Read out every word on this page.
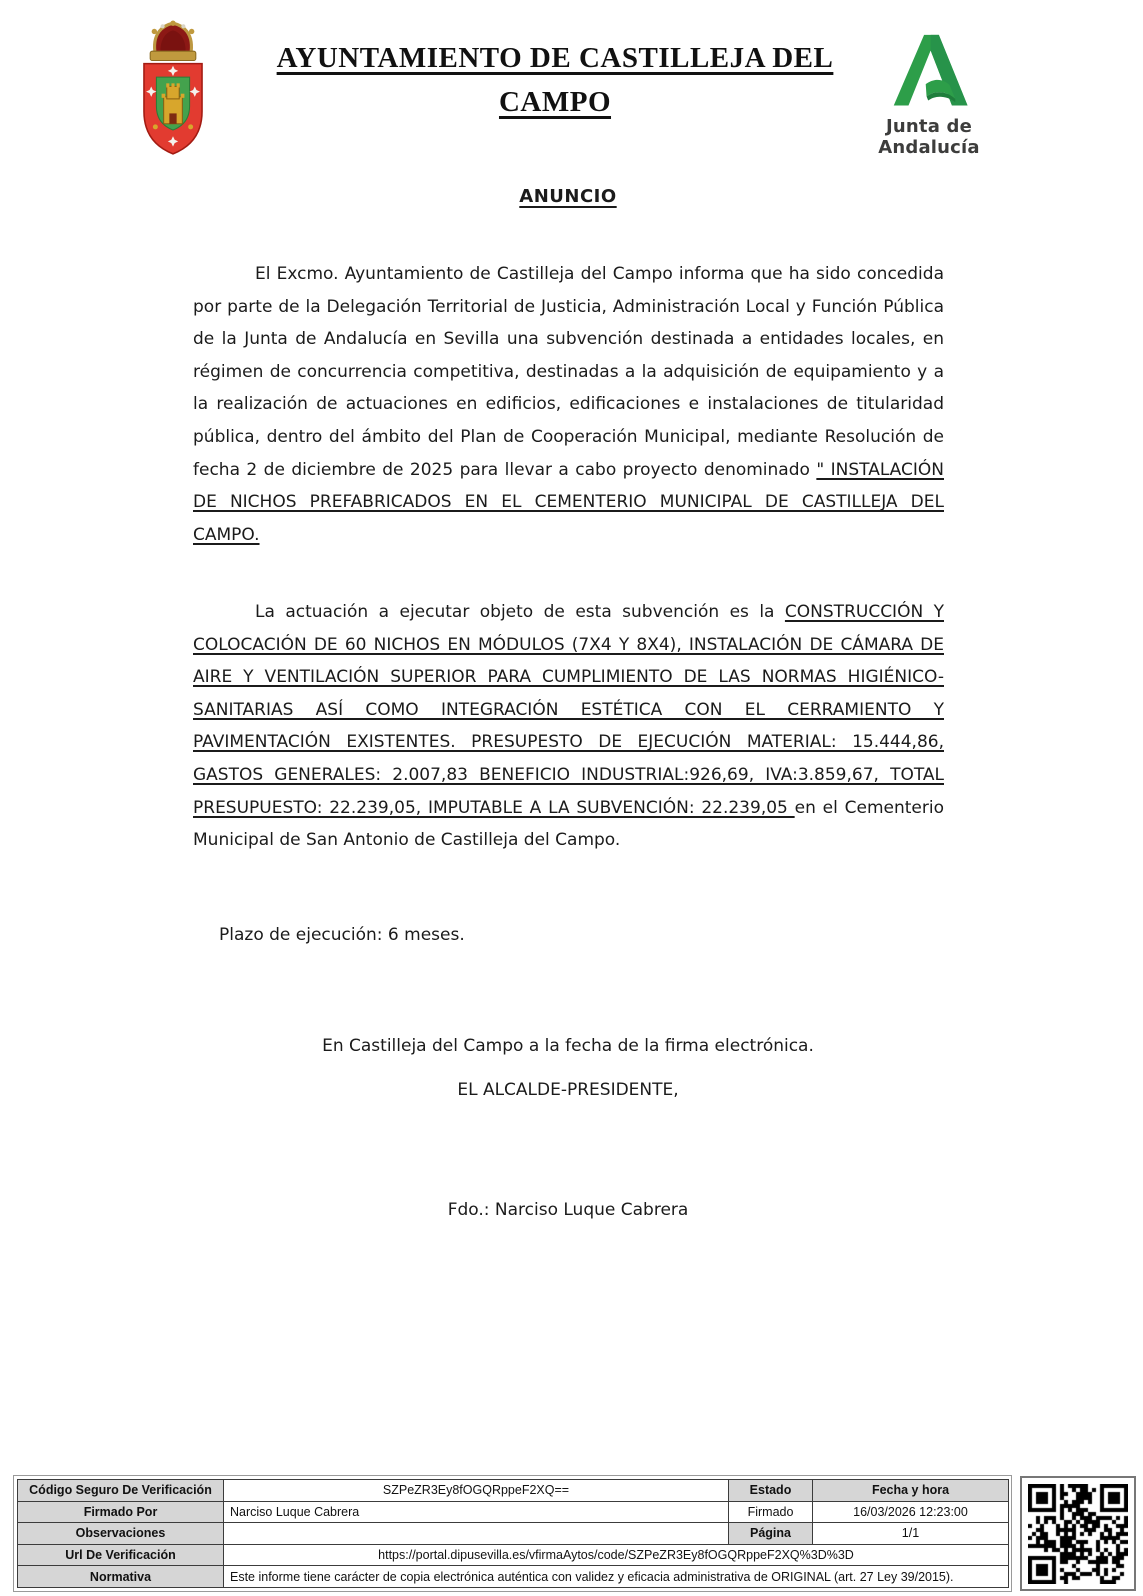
AYUNTAMIENTO DE CASTILLEJA DEL
CAMPO
Junta de Andalucía
ANUNCIO

El Excmo. Ayuntamiento de Castilleja del Campo informa que ha sido concedida por parte de la Delegación Territorial de Justicia, Administración Local y Función Pública de la Junta de Andalucía en Sevilla una subvención destinada a entidades locales, en régimen de concurrencia competitiva, destinadas a la adquisición de equipamiento y a la realización de actuaciones en edificios, edificaciones e instalaciones de titularidad pública, dentro del ámbito del Plan de Cooperación Municipal, mediante Resolución de fecha 2 de diciembre de 2025 para llevar a cabo proyecto denominado " INSTALACIÓN DE NICHOS PREFABRICADOS EN EL CEMENTERIO MUNICIPAL DE CASTILLEJA DEL CAMPO.

La actuación a ejecutar objeto de esta subvención es la CONSTRUCCIÓN Y COLOCACIÓN DE 60 NICHOS EN MÓDULOS (7X4 Y 8X4), INSTALACIÓN DE CÁMARA DE AIRE Y VENTILACIÓN SUPERIOR PARA CUMPLIMIENTO DE LAS NORMAS HIGIÉNICO-SANITARIAS ASÍ COMO INTEGRACIÓN ESTÉTICA CON EL CERRAMIENTO Y PAVIMENTACIÓN EXISTENTES. PRESUPESTO DE EJECUCIÓN MATERIAL: 15.444,86, GASTOS GENERALES: 2.007,83 BENEFICIO INDUSTRIAL:926,69, IVA:3.859,67, TOTAL PRESUPUESTO: 22.239,05, IMPUTABLE A LA SUBVENCIÓN: 22.239,05 en el Cementerio Municipal de San Antonio de Castilleja del Campo.

Plazo de ejecución: 6 meses.

En Castilleja del Campo a la fecha de la firma electrónica.

EL ALCALDE-PRESIDENTE,

Fdo.: Narciso Luque Cabrera

Código Seguro De Verificación	SZPeZR3Ey8fOGQRppeF2XQ==	Estado	Fecha y hora
Firmado Por	Narciso Luque Cabrera	Firmado	16/03/2026 12:23:00
Observaciones		Página	1/1
Url De Verificación	https://portal.dipusevilla.es/vfirmaAytos/code/SZPeZR3Ey8fOGQRppeF2XQ%3D%3D		
Normativa	Este informe tiene carácter de copia electrónica auténtica con validez y eficacia administrativa de ORIGINAL (art. 27 Ley 39/2015).		
